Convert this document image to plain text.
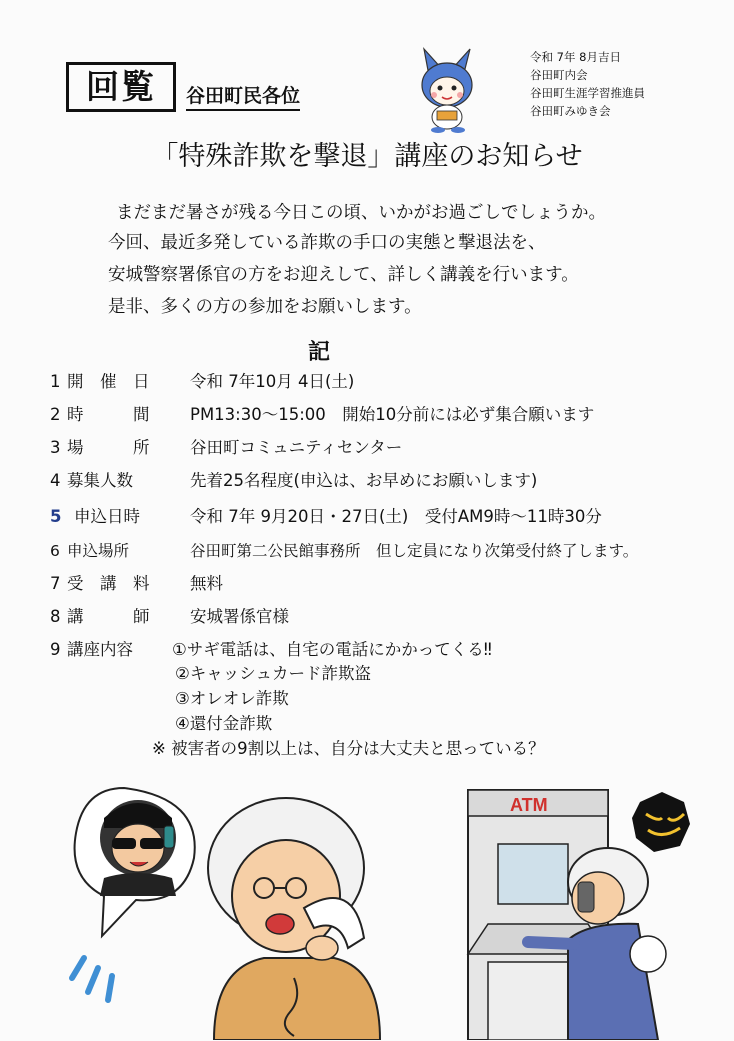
回覧	谷田町民各位
令和 7年 8月吉日
谷田町内会
谷田町生涯学習推進員
谷田町みゆき会
「特殊詐欺を撃退」講座のお知らせ
まだまだ暑さが残る今日この頃、いかがお過ごしでしょうか。
今回、最近多発している詐欺の手口の実態と撃退法を、
安城警察署係官の方をお迎えして、詳しく講義を行います。
是非、多くの方の参加をお願いします。
記
1 開　催　日	令和 7年10月 4日(土)
2 時　　　間	PM13:30～15:00　開始10分前には必ず集合願います
3 場　　　所	谷田町コミュニティセンター
4 募集人数	先着25名程度(申込は、お早めにお願いします)
5 申込日時	令和 7年 9月20日・27日(土)　受付AM9時～11時30分
6 申込場所	谷田町第二公民館事務所　但し定員になり次第受付終了します。
7 受　講　料	無料
8 講　　　師	安城署係官様
9 講座内容	①サギ電話は、自宅の電話にかかってくる‼
②キャッシュカード詐欺盗
③オレオレ詐欺
④還付金詐欺
※ 被害者の9割以上は、自分は大丈夫と思っている？
ATM
